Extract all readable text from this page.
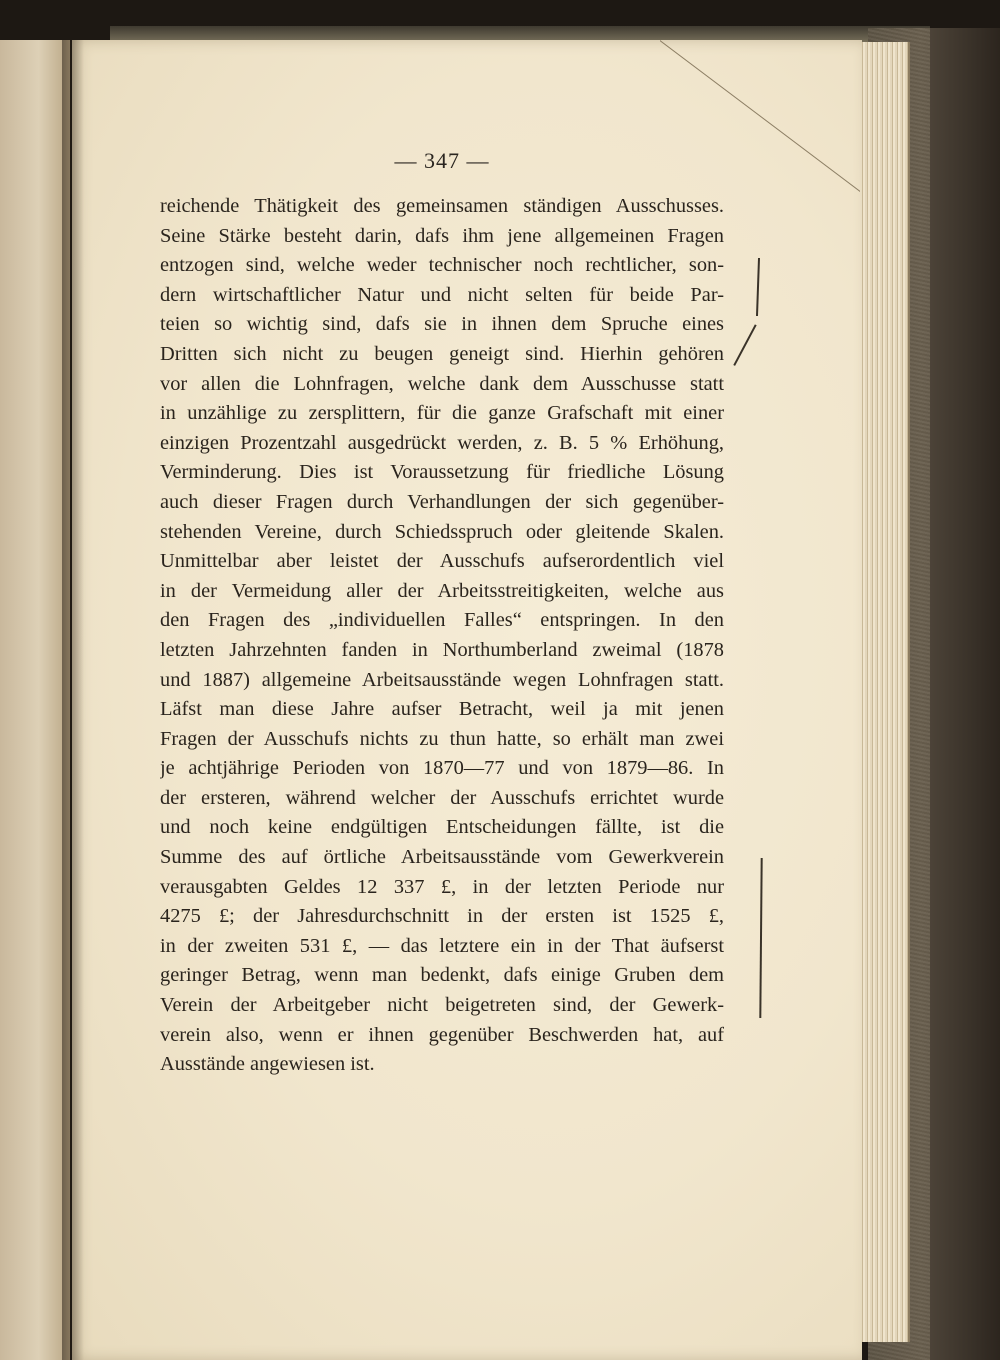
— 347 —
reichende Thätigkeit des gemeinsamen ständigen Ausschusses.
Seine Stärke besteht darin, dafs ihm jene allgemeinen Fragen
entzogen sind, welche weder technischer noch rechtlicher, son-
dern wirtschaftlicher Natur und nicht selten für beide Par-
teien so wichtig sind, dafs sie in ihnen dem Spruche eines
Dritten sich nicht zu beugen geneigt sind. Hierhin gehören
vor allen die Lohnfragen, welche dank dem Ausschusse statt
in unzählige zu zersplittern, für die ganze Grafschaft mit einer
einzigen Prozentzahl ausgedrückt werden, z. B. 5 % Erhöhung,
Verminderung. Dies ist Voraussetzung für friedliche Lösung
auch dieser Fragen durch Verhandlungen der sich gegenüber-
stehenden Vereine, durch Schiedsspruch oder gleitende Skalen.
Unmittelbar aber leistet der Ausschufs aufserordentlich viel
in der Vermeidung aller der Arbeitsstreitigkeiten, welche aus
den Fragen des „individuellen Falles“ entspringen. In den
letzten Jahrzehnten fanden in Northumberland zweimal (1878
und 1887) allgemeine Arbeitsausstände wegen Lohnfragen statt.
Läfst man diese Jahre aufser Betracht, weil ja mit jenen
Fragen der Ausschufs nichts zu thun hatte, so erhält man zwei
je achtjährige Perioden von 1870—77 und von 1879—86. In
der ersteren, während welcher der Ausschufs errichtet wurde
und noch keine endgültigen Entscheidungen fällte, ist die
Summe des auf örtliche Arbeitsausstände vom Gewerkverein
verausgabten Geldes 12 337 £, in der letzten Periode nur
4275 £; der Jahresdurchschnitt in der ersten ist 1525 £,
in der zweiten 531 £, — das letztere ein in der That äufserst
geringer Betrag, wenn man bedenkt, dafs einige Gruben dem
Verein der Arbeitgeber nicht beigetreten sind, der Gewerk-
verein also, wenn er ihnen gegenüber Beschwerden hat, auf
Ausstände angewiesen ist.
